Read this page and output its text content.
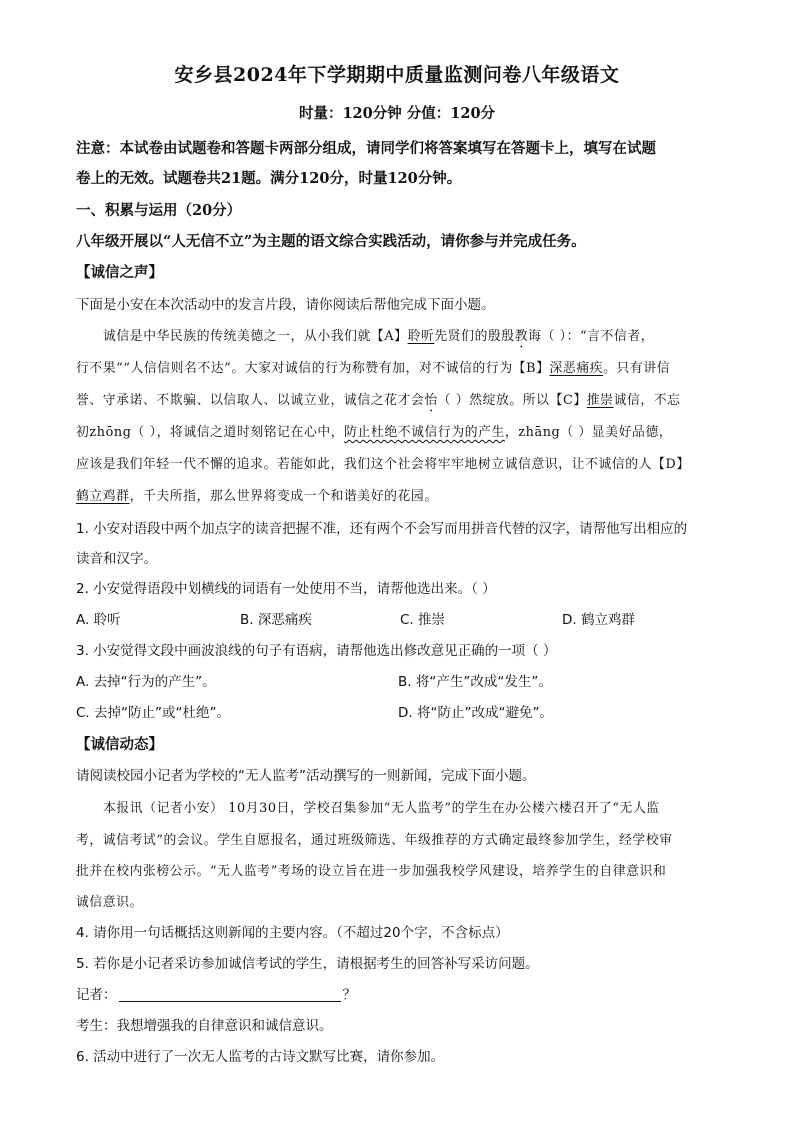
安乡县2024年下学期期中质量监测问卷八年级语文
时量：120分钟 分值：120分
注意：本试卷由试题卷和答题卡两部分组成，请同学们将答案填写在答题卡上，填写在试题
卷上的无效。试题卷共21题。满分120分，时量120分钟。
一、积累与运用（20分）
八年级开展以“人无信不立”为主题的语文综合实践活动，请你参与并完成任务。
【诚信之声】
下面是小安在本次活动中的发言片段，请你阅读后帮他完成下面小题。
诚信是中华民族的传统美德之一，从小我们就【A】聆听先贤们的殷殷教诲（ ）：“言不信者，
行不果”“人信信则名不达”。大家对诚信的行为称赞有加，对不诚信的行为【B】深恶痛疾。只有讲信
誉、守承诺、不欺骗、以信取人、以诚立业，诚信之花才会怡（ ）然绽放。所以【C】推崇诚信，不忘
初zhōng（ ），将诚信之道时刻铭记在心中，防止杜绝不诚信行为的产生，zhāng（ ）显美好品德，
应该是我们年轻一代不懈的追求。若能如此，我们这个社会将牢牢地树立诚信意识，让不诚信的人【D】
鹤立鸡群，千夫所指，那么世界将变成一个和谐美好的花园。
1. 小安对语段中两个加点字的读音把握不准，还有两个不会写而用拼音代替的汉字，请帮他写出相应的
读音和汉字。
2. 小安觉得语段中划横线的词语有一处使用不当，请帮他选出来。（ ）
A. 聆听	B. 深恶痛疾	C. 推崇	D. 鹤立鸡群
3. 小安觉得文段中画波浪线的句子有语病，请帮他选出修改意见正确的一项（ ）
A. 去掉“行为的产生”。	B. 将“产生”改成“发生”。
C. 去掉“防止”或“杜绝”。	D. 将“防止”改成“避免”。
【诚信动态】
请阅读校园小记者为学校的“无人监考”活动撰写的一则新闻，完成下面小题。
本报讯（记者小安） 10月30日，学校召集参加“无人监考”的学生在办公楼六楼召开了“无人监
考，诚信考试”的会议。学生自愿报名，通过班级筛选、年级推荐的方式确定最终参加学生，经学校审
批并在校内张榜公示。“无人监考”考场的设立旨在进一步加强我校学风建设，培养学生的自律意识和
诚信意识。
4. 请你用一句话概括这则新闻的主要内容。（不超过20个字，不含标点）
5. 若你是小记者采访参加诚信考试的学生，请根据考生的回答补写采访问题。
记者：	？
考生：我想增强我的自律意识和诚信意识。
6. 活动中进行了一次无人监考的古诗文默写比赛，请你参加。
